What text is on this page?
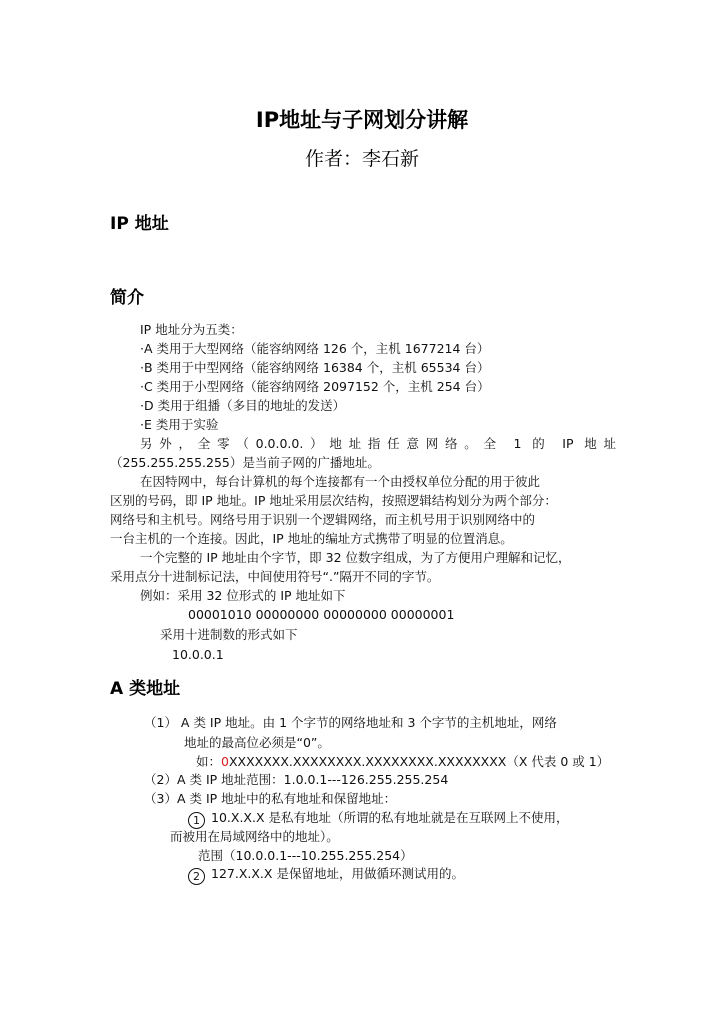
IP地址与子网划分讲解
作者：李石新
IP 地址
简介
IP 地址分为五类：
·A 类用于大型网络（能容纳网络 126 个，主机 1677214 台）
·B 类用于中型网络（能容纳网络 16384 个，主机 65534 台）
·C 类用于小型网络（能容纳网络 2097152 个，主机 254 台）
·D 类用于组播（多目的地址的发送）
·E 类用于实验
另外，全零（0.0.0.0.）地址指任意网络。全 1 的 IP 地址
（255.255.255.255）是当前子网的广播地址。
在因特网中，每台计算机的每个连接都有一个由授权单位分配的用于彼此
区别的号码，即 IP 地址。IP 地址采用层次结构，按照逻辑结构划分为两个部分：
网络号和主机号。网络号用于识别一个逻辑网络，而主机号用于识别网络中的
一台主机的一个连接。因此，IP 地址的编址方式携带了明显的位置消息。
一个完整的 IP 地址由个字节，即 32 位数字组成，为了方便用户理解和记忆，
采用点分十进制标记法，中间使用符号“.”隔开不同的字节。
例如：采用 32 位形式的 IP 地址如下
00001010 00000000 00000000 00000001
采用十进制数的形式如下
10.0.0.1
A 类地址
（1） A 类 IP 地址。由 1 个字节的网络地址和 3 个字节的主机地址，网络
地址的最高位必须是“0”。
如：0XXXXXXX.XXXXXXXX.XXXXXXXX.XXXXXXXX（X 代表 0 或 1）
（2）A 类 IP 地址范围：1.0.0.1---126.255.255.254
（3）A 类 IP 地址中的私有地址和保留地址：
1 10.X.X.X 是私有地址（所谓的私有地址就是在互联网上不使用，
而被用在局域网络中的地址）。
范围（10.0.0.1---10.255.255.254）
2 127.X.X.X 是保留地址，用做循环测试用的。
